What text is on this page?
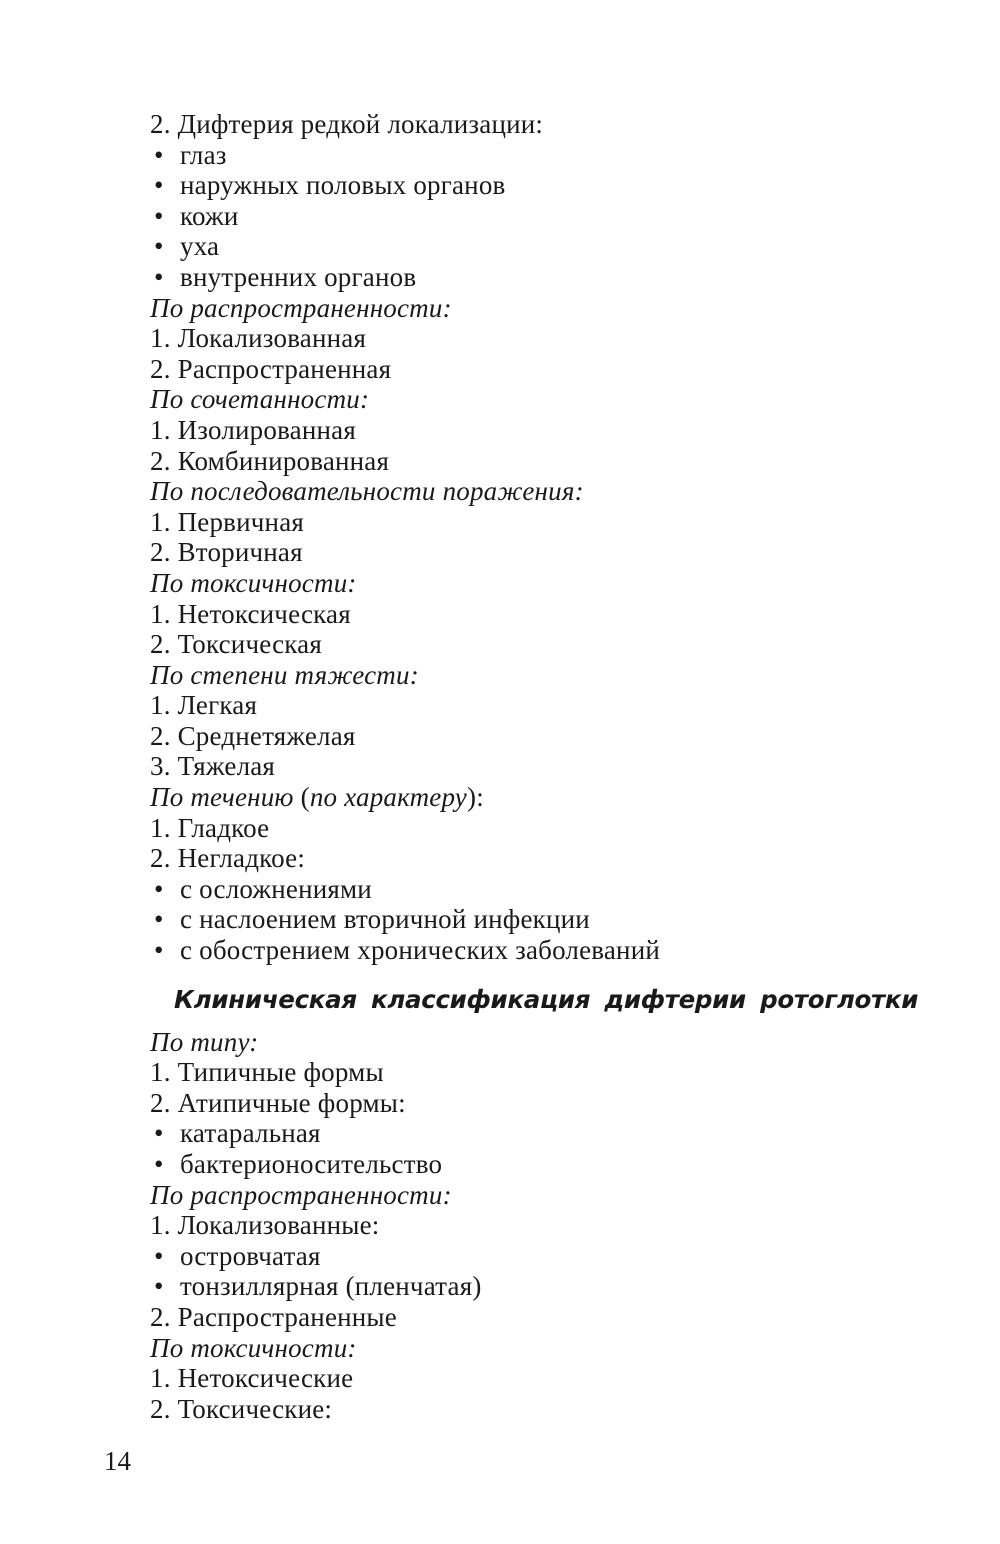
2. Дифтерия редкой локализации:
• глаз
• наружных половых органов
• кожи
• уха
• внутренних органов
По распространенности:
1. Локализованная
2. Распространенная
По сочетанности:
1. Изолированная
2. Комбинированная
По последовательности поражения:
1. Первичная
2. Вторичная
По токсичности:
1. Нетоксическая
2. Токсическая
По степени тяжести:
1. Легкая
2. Среднетяжелая
3. Тяжелая
По течению (по характеру):
1. Гладкое
2. Негладкое:
• с осложнениями
• с наслоением вторичной инфекции
• с обострением хронических заболеваний
Клиническая классификация дифтерии ротоглотки
По типу:
1. Типичные формы
2. Атипичные формы:
• катаральная
• бактерионосительство
По распространенности:
1. Локализованные:
• островчатая
• тонзиллярная (пленчатая)
2. Распространенные
По токсичности:
1. Нетоксические
2. Токсические:
14
